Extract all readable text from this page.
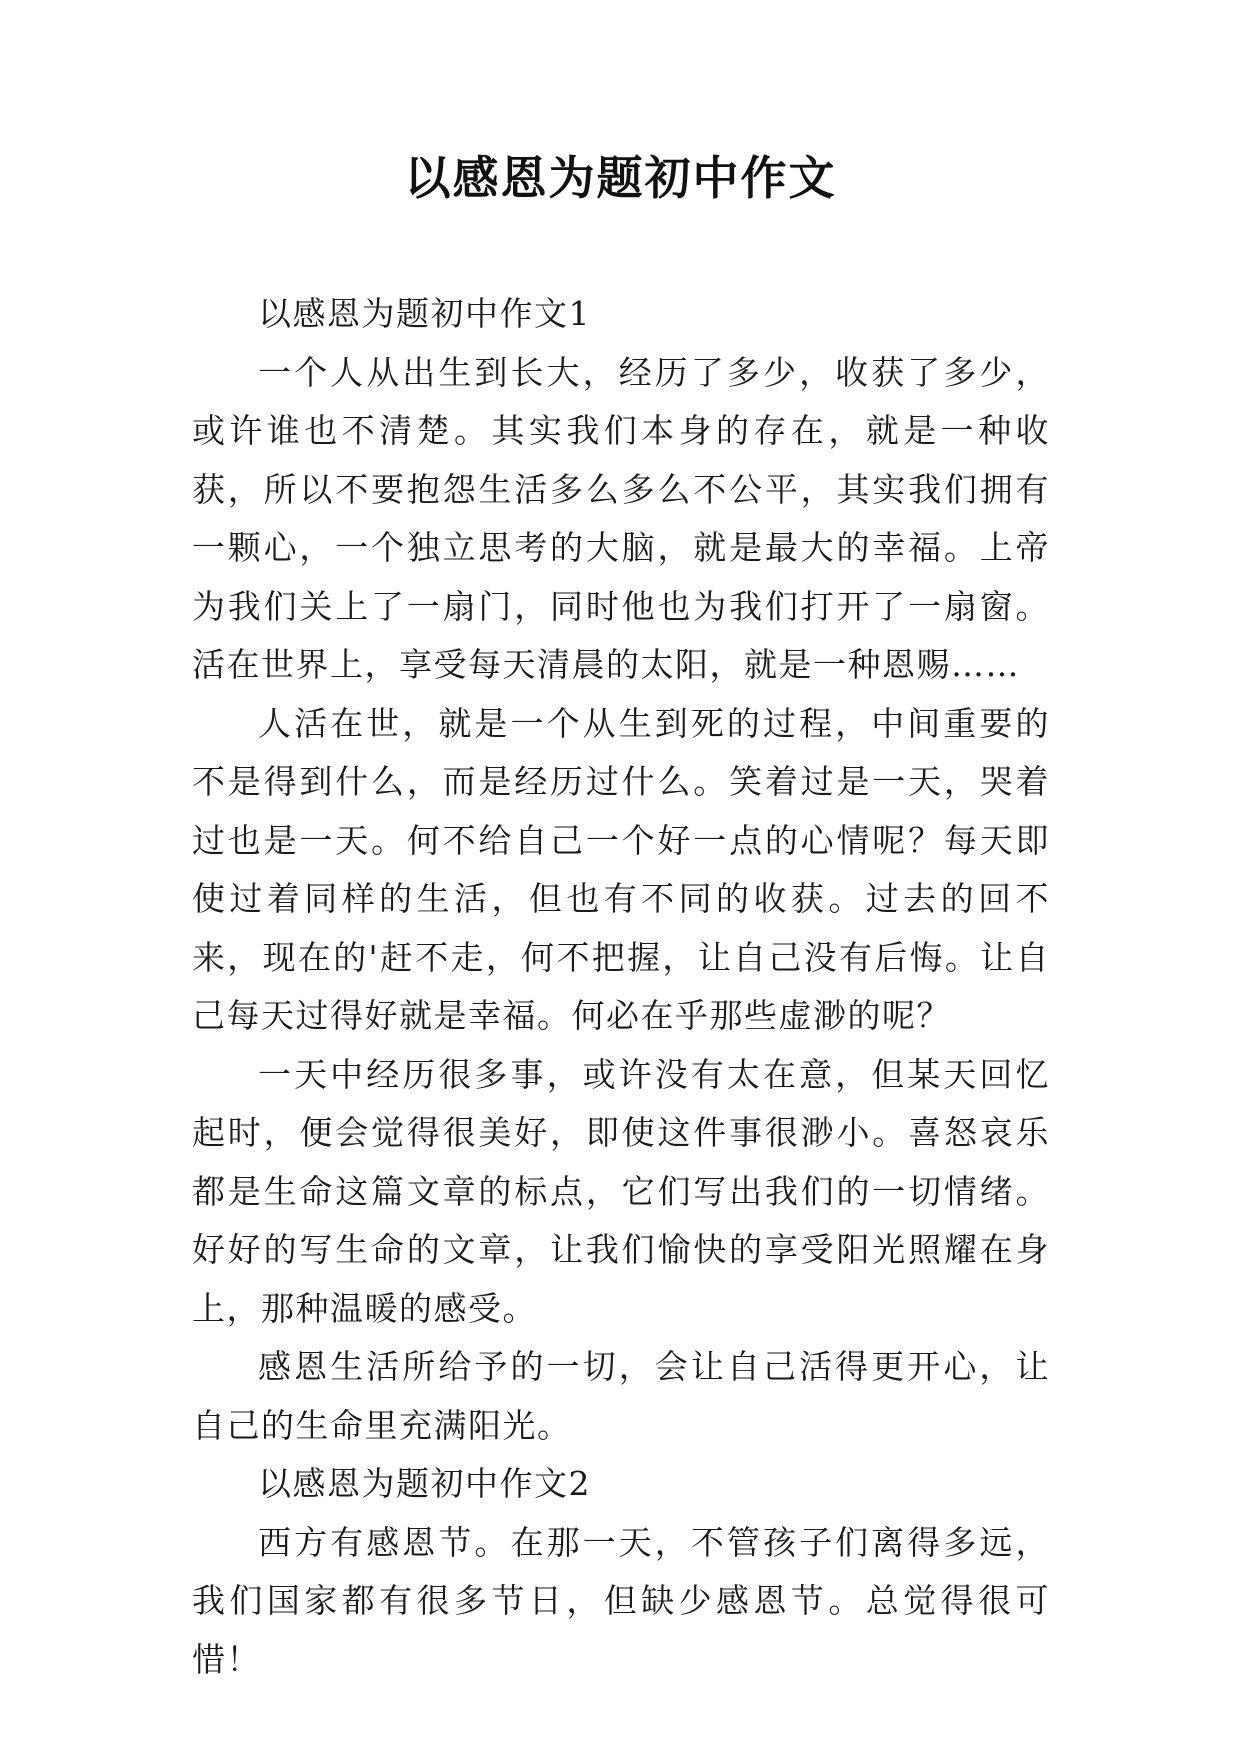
以感恩为题初中作文

以感恩为题初中作文1

一个人从出生到长大，经历了多少，收获了多少，或许谁也不清楚。其实我们本身的存在，就是一种收获，所以不要抱怨生活多么多么不公平，其实我们拥有一颗心，一个独立思考的大脑，就是最大的幸福。上帝为我们关上了一扇门，同时他也为我们打开了一扇窗。活在世界上，享受每天清晨的太阳，就是一种恩赐……

人活在世，就是一个从生到死的过程，中间重要的不是得到什么，而是经历过什么。笑着过是一天，哭着过也是一天。何不给自己一个好一点的心情呢？每天即使过着同样的生活，但也有不同的收获。过去的回不来，现在的'赶不走，何不把握，让自己没有后悔。让自己每天过得好就是幸福。何必在乎那些虚渺的呢？

一天中经历很多事，或许没有太在意，但某天回忆起时，便会觉得很美好，即使这件事很渺小。喜怒哀乐都是生命这篇文章的标点，它们写出我们的一切情绪。好好的写生命的文章，让我们愉快的享受阳光照耀在身上，那种温暖的感受。

感恩生活所给予的一切，会让自己活得更开心，让自己的生命里充满阳光。

以感恩为题初中作文2

西方有感恩节。在那一天，不管孩子们离得多远，我们国家都有很多节日，但缺少感恩节。总觉得很可惜！
